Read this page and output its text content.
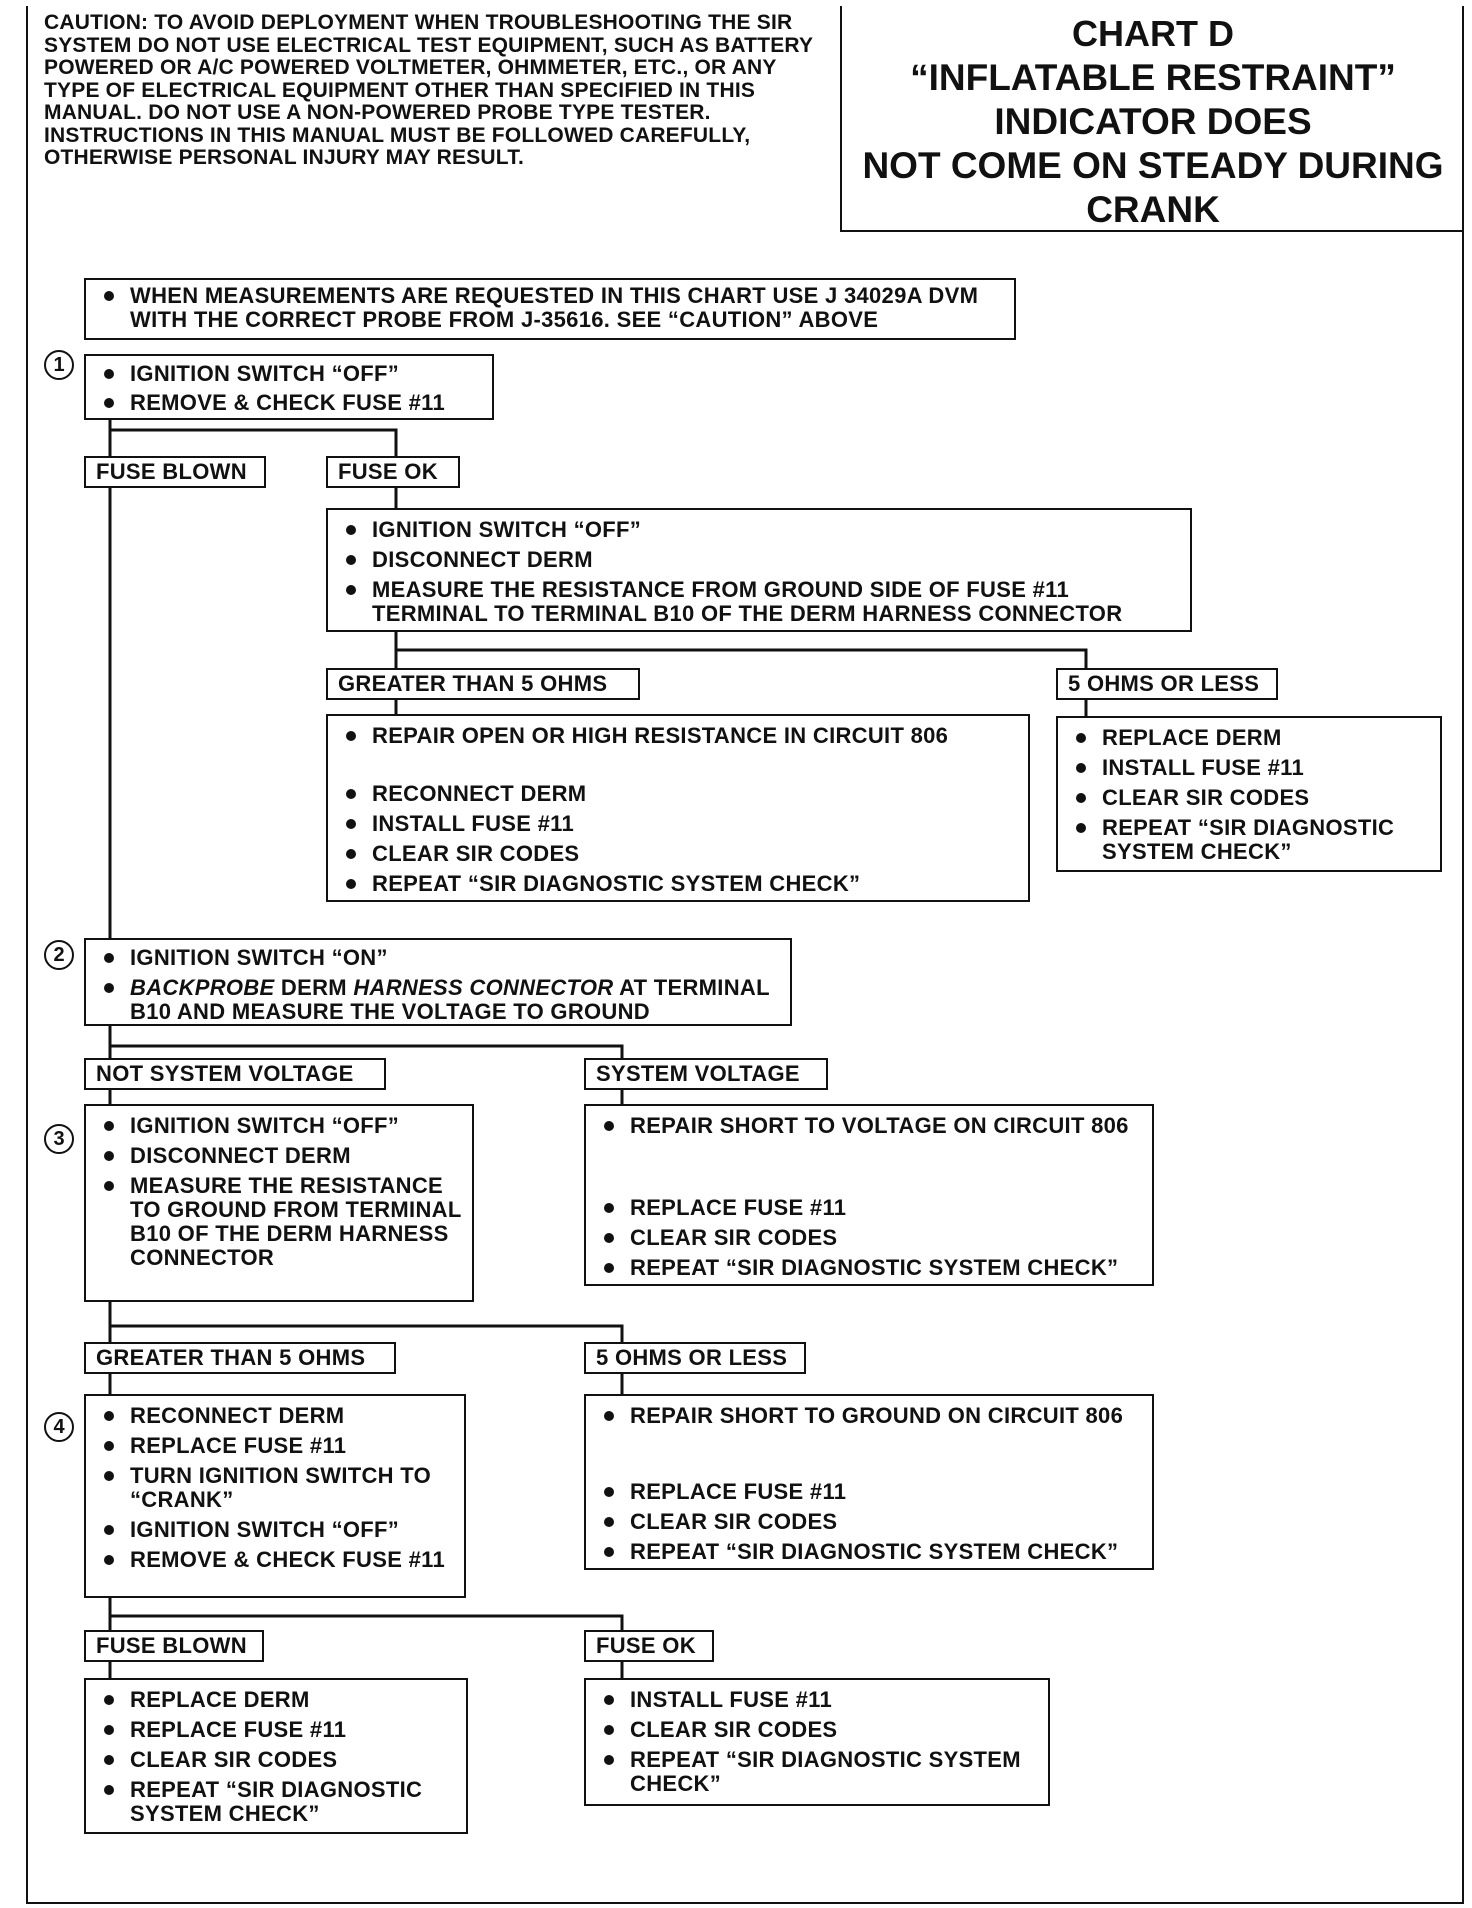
CAUTION: TO AVOID DEPLOYMENT WHEN TROUBLESHOOTING THE SIR SYSTEM DO NOT USE ELECTRICAL TEST EQUIPMENT, SUCH AS BATTERY POWERED OR A/C POWERED VOLTMETER, OHMMETER, ETC., OR ANY TYPE OF ELECTRICAL EQUIPMENT OTHER THAN SPECIFIED IN THIS MANUAL. DO NOT USE A NON-POWERED PROBE TYPE TESTER. INSTRUCTIONS IN THIS MANUAL MUST BE FOLLOWED CAREFULLY, OTHERWISE PERSONAL INJURY MAY RESULT.
CHART D
“INFLATABLE RESTRAINT”
INDICATOR DOES
NOT COME ON STEADY DURING
CRANK
WHEN MEASUREMENTS ARE REQUESTED IN THIS CHART USE J 34029A DVM WITH THE CORRECT PROBE FROM J-35616. SEE “CAUTION” ABOVE
1	IGNITION SWITCH “OFF”
REMOVE & CHECK FUSE #11
FUSE BLOWN	FUSE OK
IGNITION SWITCH “OFF”
DISCONNECT DERM
MEASURE THE RESISTANCE FROM GROUND SIDE OF FUSE #11 TERMINAL TO TERMINAL B10 OF THE DERM HARNESS CONNECTOR
GREATER THAN 5 OHMS	5 OHMS OR LESS
REPAIR OPEN OR HIGH RESISTANCE IN CIRCUIT 806
RECONNECT DERM
INSTALL FUSE #11
CLEAR SIR CODES
REPEAT “SIR DIAGNOSTIC SYSTEM CHECK”
REPLACE DERM
INSTALL FUSE #11
CLEAR SIR CODES
REPEAT “SIR DIAGNOSTIC SYSTEM CHECK”
2	IGNITION SWITCH “ON”
BACKPROBE DERM HARNESS CONNECTOR AT TERMINAL B10 AND MEASURE THE VOLTAGE TO GROUND
NOT SYSTEM VOLTAGE	SYSTEM VOLTAGE
3
IGNITION SWITCH “OFF”
DISCONNECT DERM
MEASURE THE RESISTANCE TO GROUND FROM TERMINAL B10 OF THE DERM HARNESS CONNECTOR
REPAIR SHORT TO VOLTAGE ON CIRCUIT 806
REPLACE FUSE #11
CLEAR SIR CODES
REPEAT “SIR DIAGNOSTIC SYSTEM CHECK”
GREATER THAN 5 OHMS	5 OHMS OR LESS
4	RECONNECT DERM
REPLACE FUSE #11
TURN IGNITION SWITCH TO “CRANK”
IGNITION SWITCH “OFF”
REMOVE & CHECK FUSE #11
REPAIR SHORT TO GROUND ON CIRCUIT 806
REPLACE FUSE #11
CLEAR SIR CODES
REPEAT “SIR DIAGNOSTIC SYSTEM CHECK”
FUSE BLOWN	FUSE OK
REPLACE DERM
REPLACE FUSE #11
CLEAR SIR CODES
REPEAT “SIR DIAGNOSTIC SYSTEM CHECK”
INSTALL FUSE #11
CLEAR SIR CODES
REPEAT “SIR DIAGNOSTIC SYSTEM CHECK”
